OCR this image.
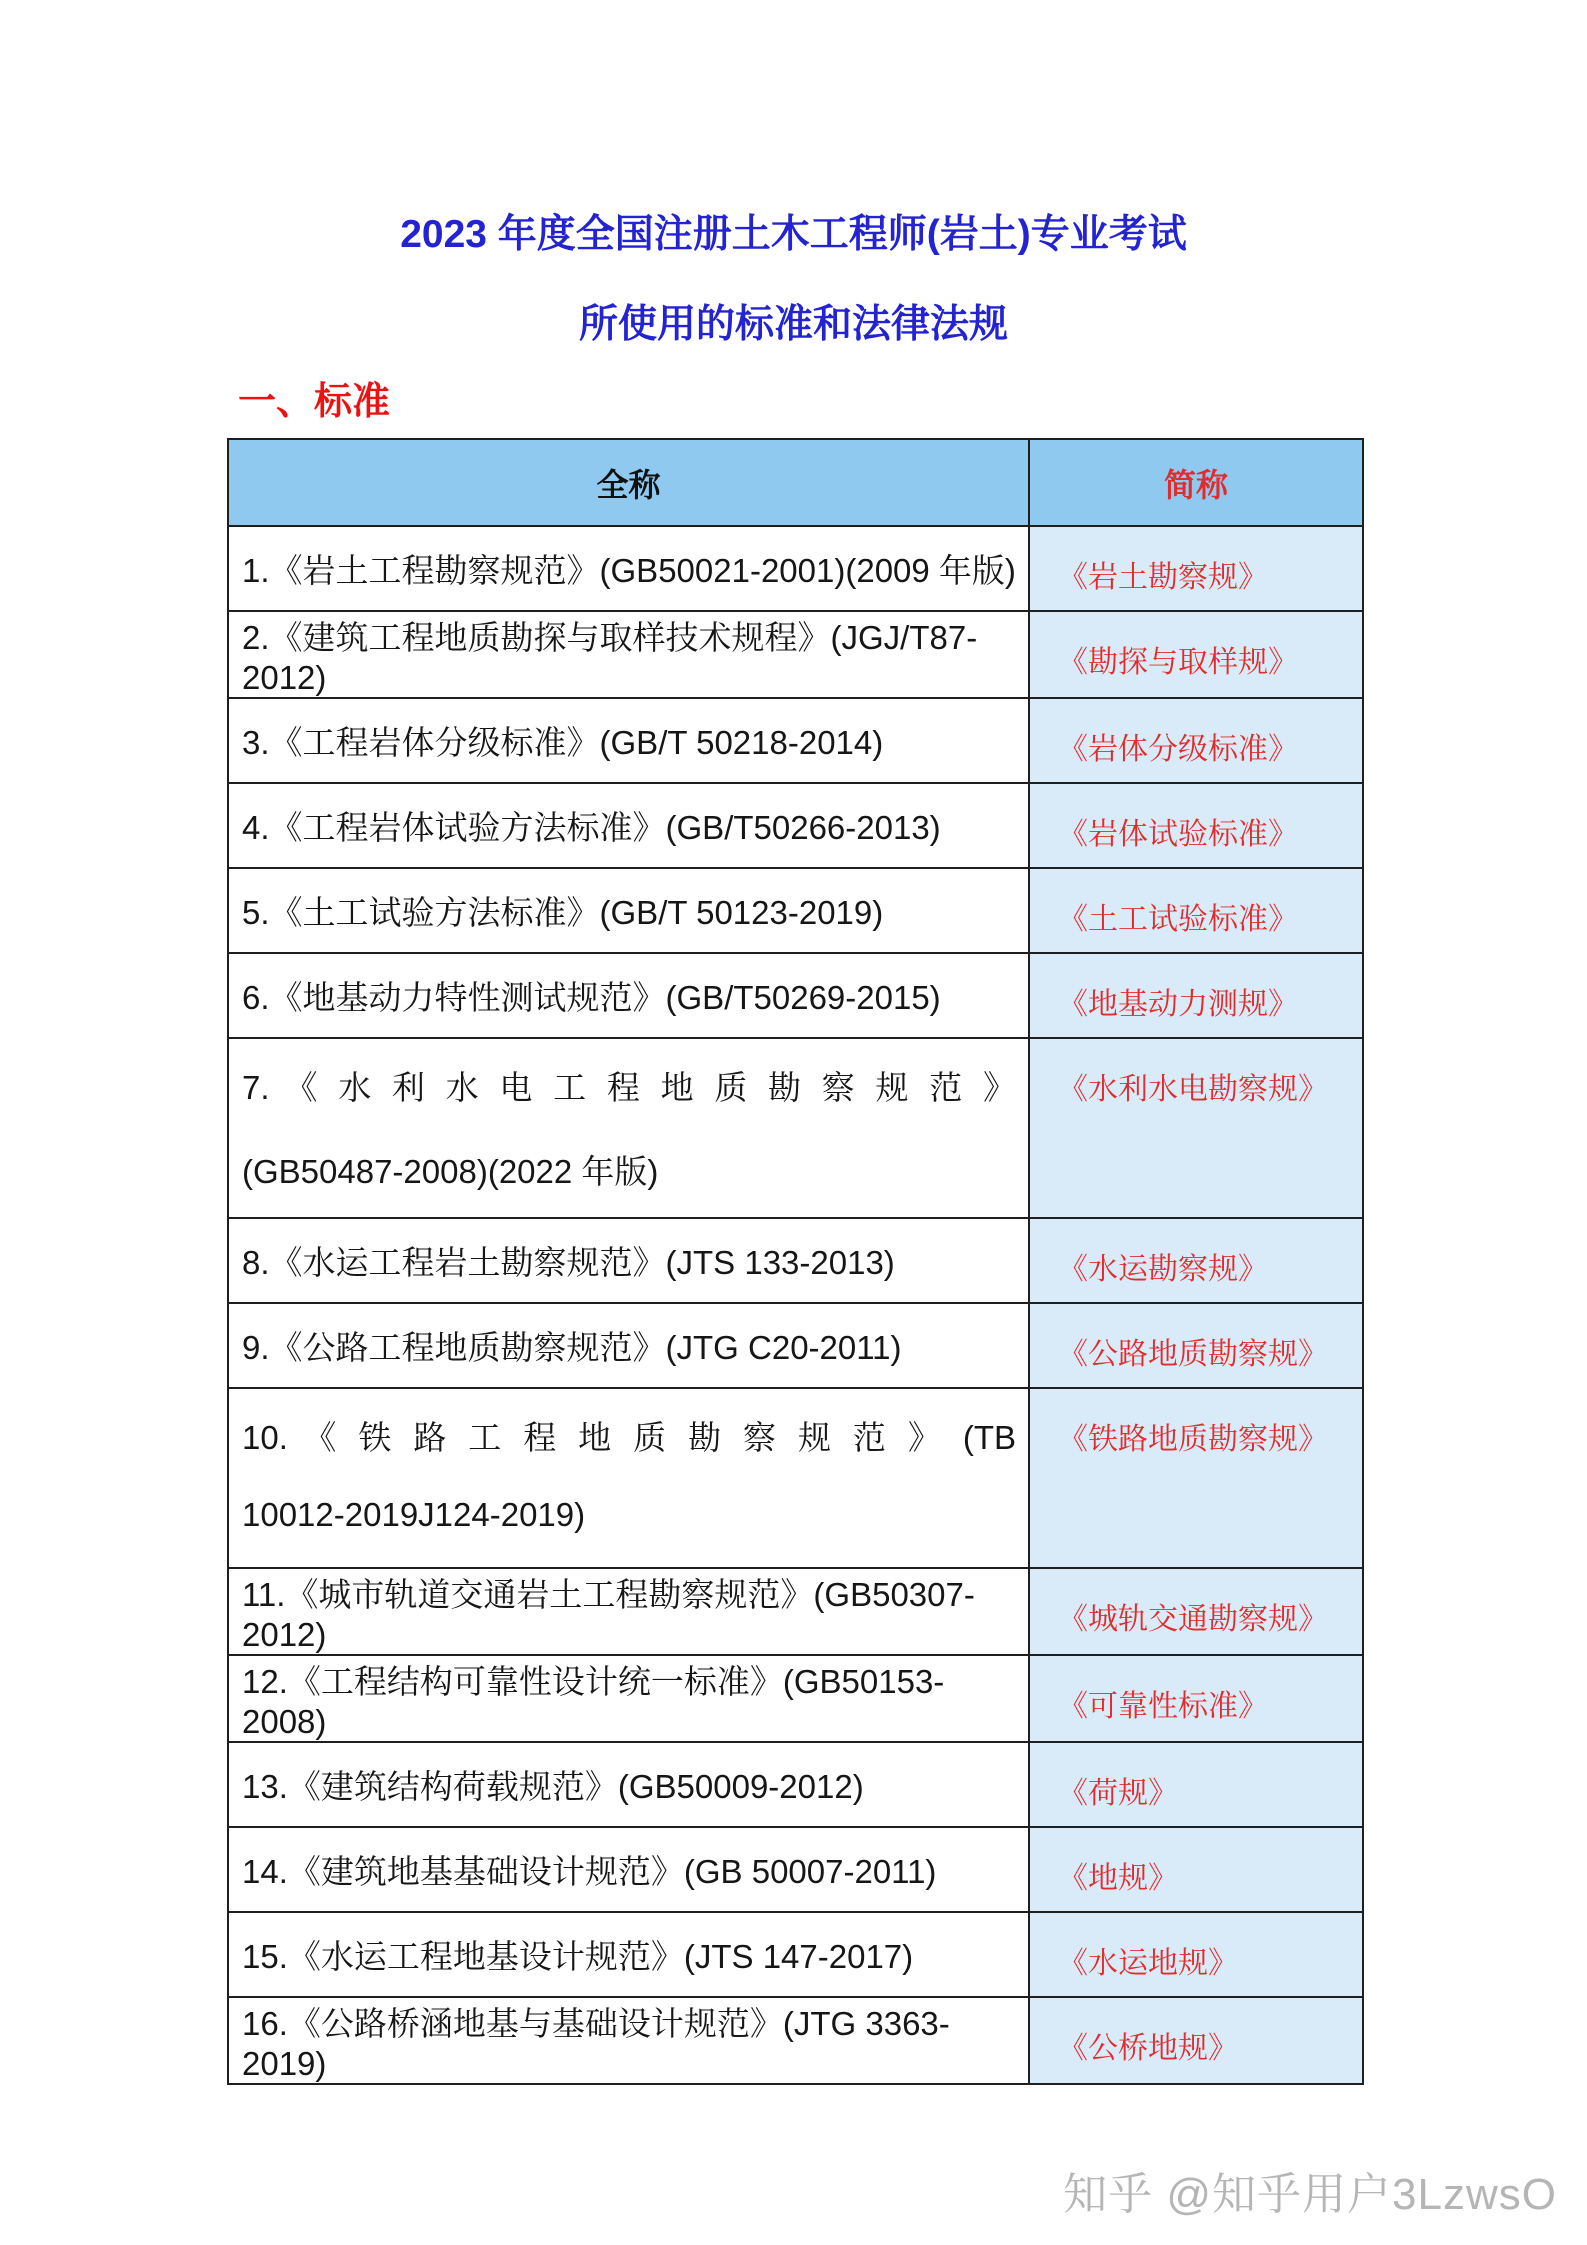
2023 年度全国注册土木工程师(岩土)专业考试
所使用的标准和法律法规
一、标准
全称	简称
1.《岩土工程勘察规范》(GB50021-2001)(2009 年版)	《岩土勘察规》
2.《建筑工程地质勘探与取样技术规程》(JGJ/T87-2012)	《勘探与取样规》
3.《工程岩体分级标准》(GB/T 50218-2014)	《岩体分级标准》
4.《工程岩体试验方法标准》(GB/T50266-2013)	《岩体试验标准》
5.《土工试验方法标准》(GB/T 50123-2019)	《土工试验标准》
6.《地基动力特性测试规范》(GB/T50269-2015)	《地基动力测规》

7. 《 水 利 水 电 工 程 地 质 勘 察 规 范 》
(GB50487-2008)(2022 年版)	《水利水电勘察规》
8.《水运工程岩土勘察规范》(JTS 133-2013)	《水运勘察规》
9.《公路工程地质勘察规范》(JTG C20-2011)	《公路地质勘察规》

10. 《 铁 路 工 程 地 质 勘 察 规 范 》 (TB
10012-2019J124-2019)	《铁路地质勘察规》
11.《城市轨道交通岩土工程勘察规范》(GB50307-2012)	《城轨交通勘察规》
12.《工程结构可靠性设计统一标准》(GB50153-2008)	《可靠性标准》
13.《建筑结构荷载规范》(GB50009-2012)	《荷规》
14.《建筑地基基础设计规范》(GB 50007-2011)	《地规》
15.《水运工程地基设计规范》(JTS 147-2017)	《水运地规》
16.《公路桥涵地基与基础设计规范》(JTG 3363-2019)	《公桥地规》
知乎 @知乎用户3LzwsO
